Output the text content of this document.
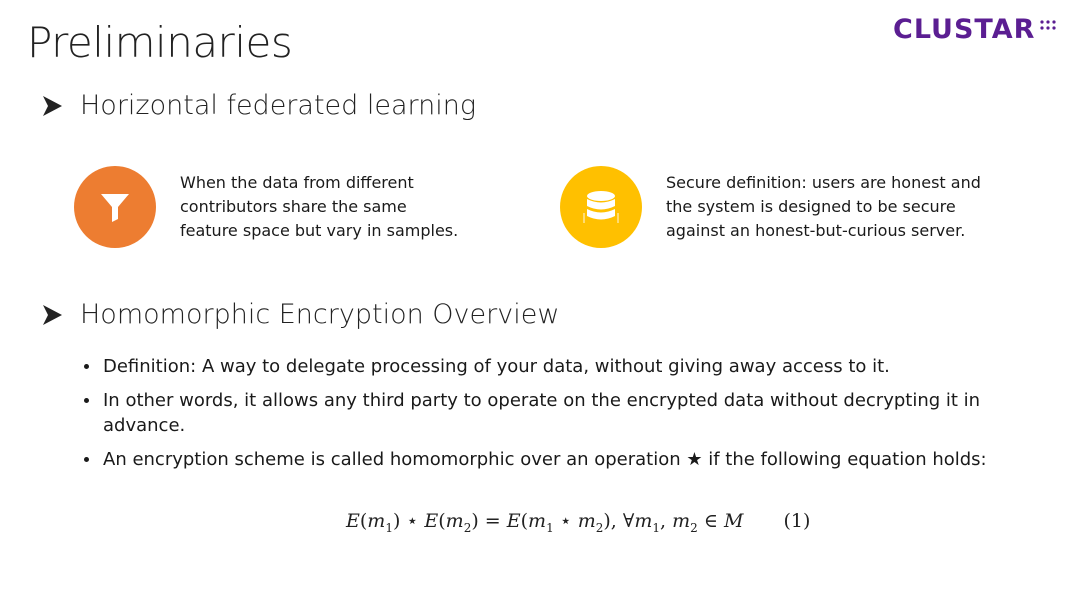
Preliminaries	CLUSTAR
Horizontal federated learning
When the data from different
contributors share the same
feature space but vary in samples.
Secure definition: users are honest and
the system is designed to be secure
against an honest-but-curious server.
Homomorphic Encryption Overview
Definition: A way to delegate processing of your data, without giving away access to it.
In other words, it allows any third party to operate on the encrypted data without decrypting it in advance.
An encryption scheme is called homomorphic over an operation ★ if the following equation holds:
$E(m_1)$ ⋆ $E(m_2) = E(m_1$ ⋆ $m_2$), $\forall m_1$, $m_2$ ∈ M (1)
